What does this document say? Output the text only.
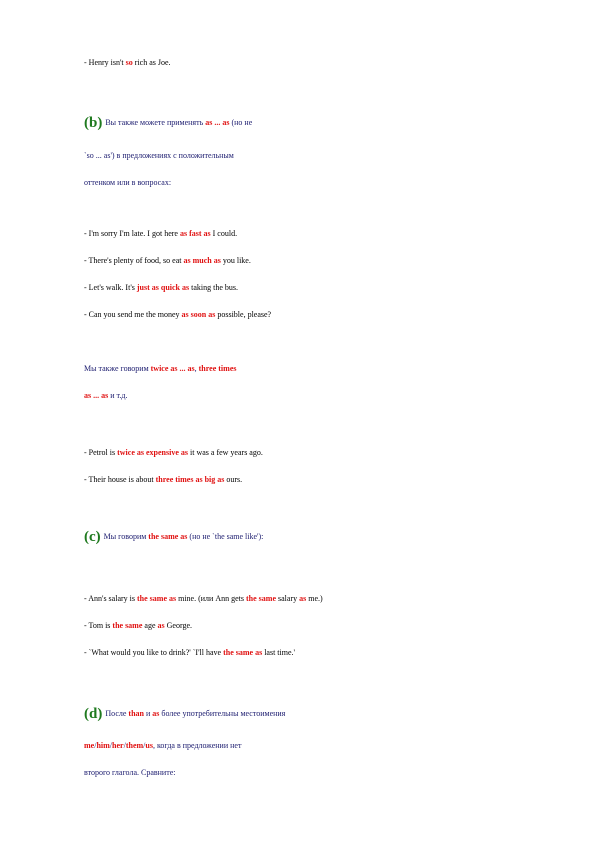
- Henry isn't so rich as Joe.
(b) Вы также можете применять as ... as (но не
`so ... as') в предложениях с положительным
оттенком или в вопросах:
- I'm sorry I'm late. I got here as fast as I could.
- There's plenty of food, so eat as much as you like.
- Let's walk. It's just as quick as taking the bus.
- Can you send me the money as soon as possible, please?
Мы также говорим twice as ... as, three times
as ... as и т.д.
- Petrol is twice as expensive as it was a few years ago.
- Their house is about three times as big as ours.
(c) Мы говорим the same as (но не `the same like'):
- Ann's salary is the same as mine. (или Ann gets the same salary as me.)
- Tom is the same age as George.
- `What would you like to drink?' `I'll have the same as last time.'
(d) После than и as более употребительны местоимения
me/him/her/them/us, когда в предложении нет
второго глагола. Сравните:
